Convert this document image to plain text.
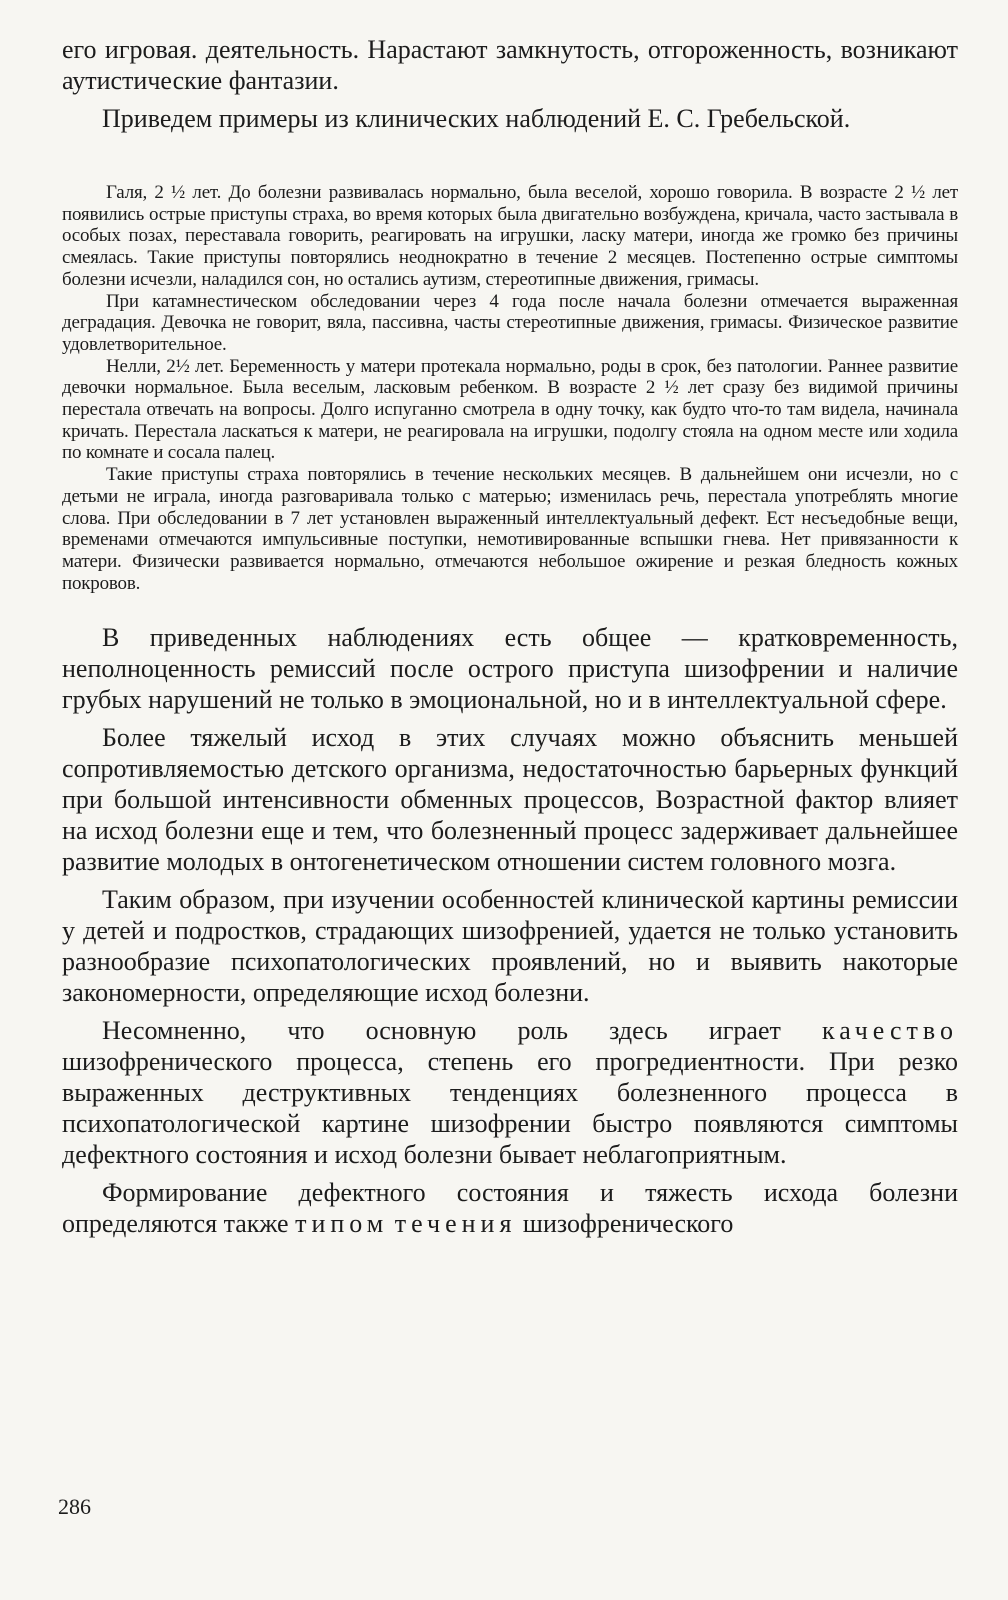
его игровая. деятельность. Нарастают замкнутость, отгороженность, возникают аутистические фантазии.

Приведем примеры из клинических наблюдений Е. С. Гребельской.

Галя, 2 ½ лет. До болезни развивалась нормально, была веселой, хорошо говорила. В возрасте 2 ½ лет появились острые приступы страха, во время которых была двигательно возбуждена, кричала, часто застывала в особых позах, переставала говорить, реагировать на игрушки, ласку матери, иногда же громко без причины смеялась. Такие приступы повторялись неоднократно в течение 2 месяцев. Постепенно острые симптомы болезни исчезли, наладился сон, но остались аутизм, стереотипные движения, гримасы.

При катамнестическом обследовании через 4 года после начала болезни отмечается выраженная деградация. Девочка не говорит, вяла, пассивна, часты стереотипные движения, гримасы. Физическое развитие удовлетворительное.

Нелли, 2½ лет. Беременность у матери протекала нормально, роды в срок, без патологии. Раннее развитие девочки нормальное. Была веселым, ласковым ребенком. В возрасте 2 ½ лет сразу без видимой причины перестала отвечать на вопросы. Долго испуганно смотрела в одну точку, как будто что-то там видела, начинала кричать. Перестала ласкаться к матери, не реагировала на игрушки, подолгу стояла на одном месте или ходила по комнате и сосала палец.

Такие приступы страха повторялись в течение нескольких месяцев. В дальнейшем они исчезли, но с детьми не играла, иногда разговаривала только с матерью; изменилась речь, перестала употреблять многие слова. При обследовании в 7 лет установлен выраженный интеллектуальный дефект. Ест несъедобные вещи, временами отмечаются импульсивные поступки, немотивированные вспышки гнева. Нет привязанности к матери. Физически развивается нормально, отмечаются небольшое ожирение и резкая бледность кожных покровов.

В приведенных наблюдениях есть общее — кратковременность, неполноценность ремиссий после острого приступа шизофрении и наличие грубых нарушений не только в эмоциональной, но и в интеллектуальной сфере.

Более тяжелый исход в этих случаях можно объяснить меньшей сопротивляемостью детского организма, недостаточностью барьерных функций при большой интенсивности обменных процессов, Возрастной фактор влияет на исход болезни еще и тем, что болезненный процесс задерживает дальнейшее развитие молодых в онтогенетическом отношении систем головного мозга.

Таким образом, при изучении особенностей клинической картины ремиссии у детей и подростков, страдающих шизофренией, удается не только установить разнообразие психопатологических проявлений, но и выявить накоторые закономерности, определяющие исход болезни.

Несомненно, что основную роль здесь играет качество шизофренического процесса, степень его прогредиентности. При резко выраженных деструктивных тенденциях болезненного процесса в психопатологической картине шизофрении быстро появляются симптомы дефектного состояния и исход болезни бывает неблагоприятным.

Формирование дефектного состояния и тяжесть исхода болезни определяются также типом течения шизофренического

286
